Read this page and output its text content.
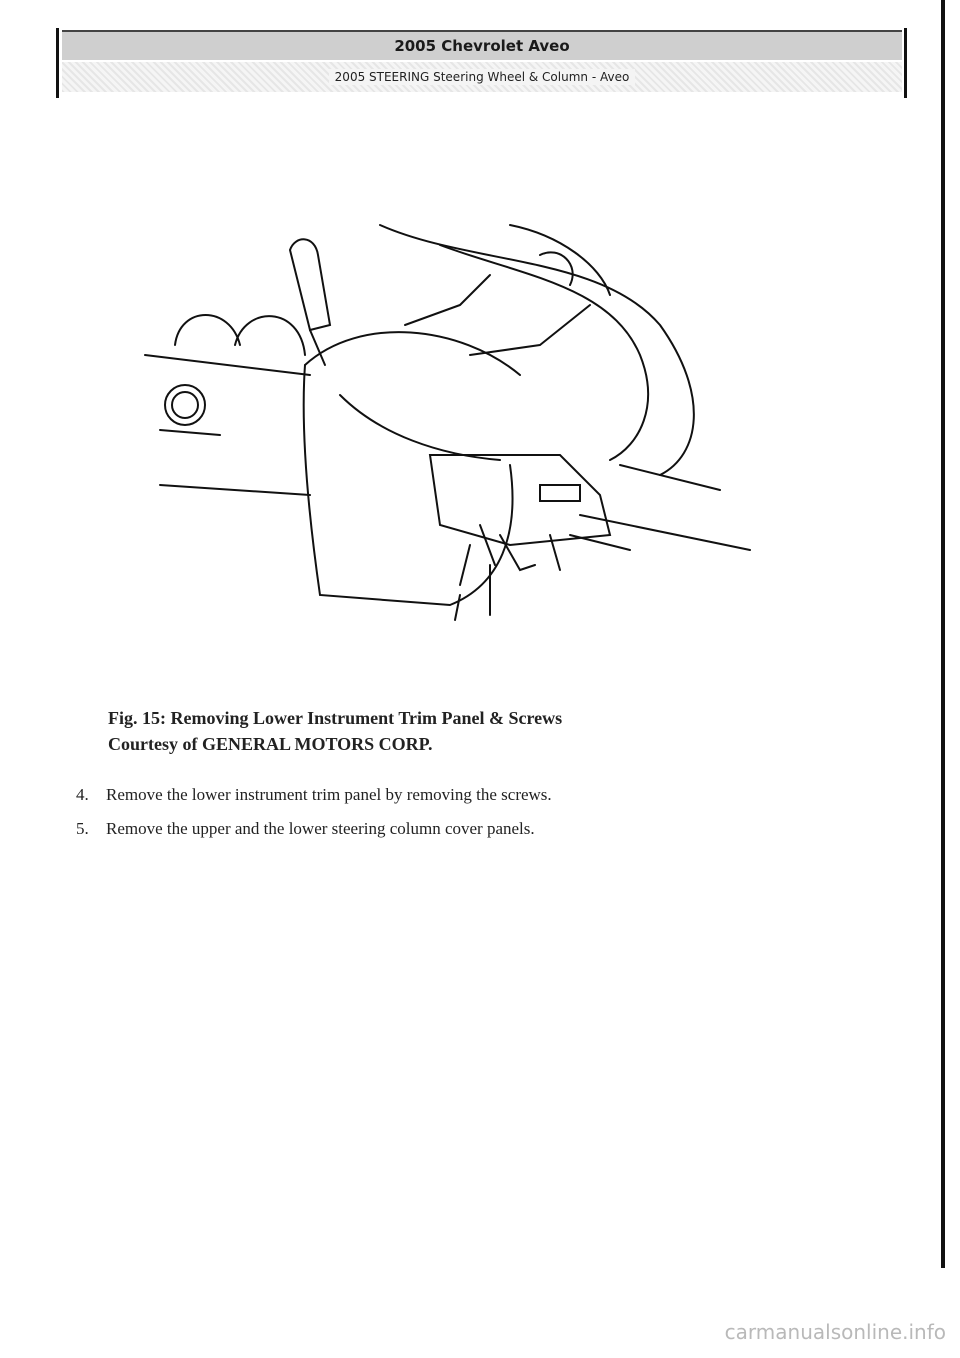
2005 Chevrolet Aveo
2005 STEERING Steering Wheel & Column - Aveo
Fig. 15: Removing Lower Instrument Trim Panel & Screws
Courtesy of GENERAL MOTORS CORP.
4.	Remove the lower instrument trim panel by removing the screws.
5.	Remove the upper and the lower steering column cover panels.
carmanualsonline.info
